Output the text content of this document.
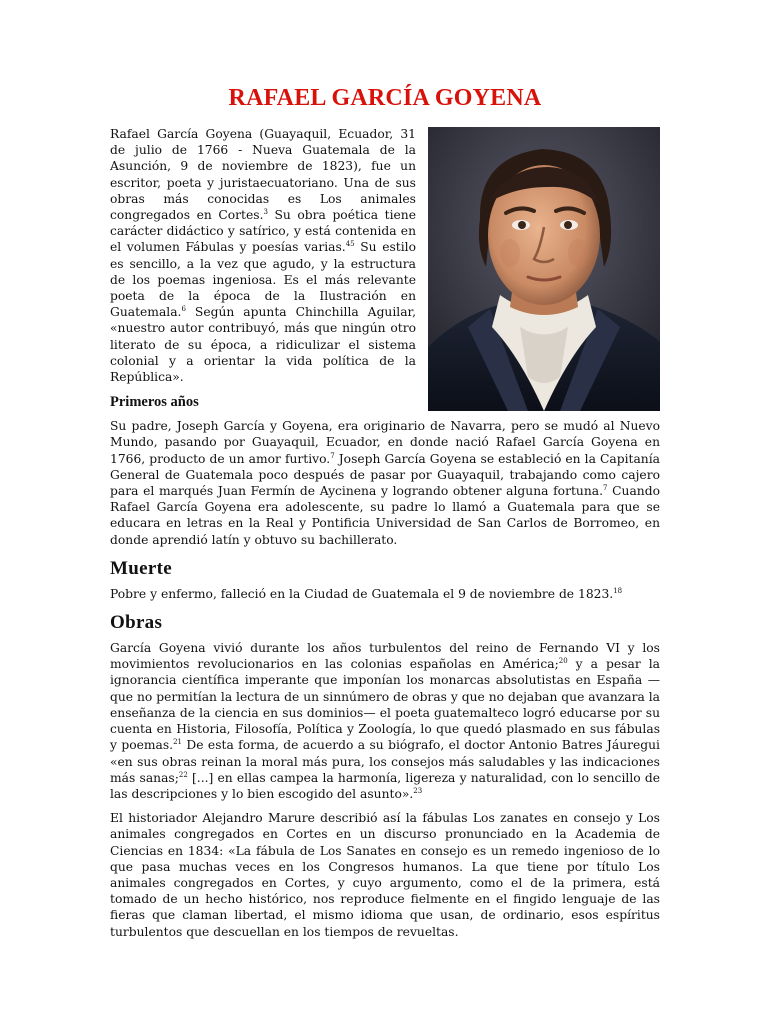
RAFAEL GARCÍA GOYENA

Rafael García Goyena (Guayaquil, Ecuador, 31 de julio de 1766 - Nueva Guatemala de la Asunción, 9 de noviembre de 1823), fue un escritor, poeta y juristaecuatoriano. Una de sus obras más conocidas es Los animales congregados en Cortes.$^3$ Su obra poética tiene carácter didáctico y satírico, y está contenida en el volumen Fábulas y poesías varias.$^{45}$ Su estilo es sencillo, a la vez que agudo, y la estructura de los poemas ingeniosa. Es el más relevante poeta de la época de la Ilustración en Guatemala.$^6$ Según apunta Chinchilla Aguilar, «nuestro autor contribuyó, más que ningún otro literato de su época, a ridiculizar el sistema colonial y a orientar la vida política de la República».

Primeros años

Su padre, Joseph García y Goyena, era originario de Navarra, pero se mudó al Nuevo Mundo, pasando por Guayaquil, Ecuador, en donde nació Rafael García Goyena en 1766, producto de un amor furtivo.$^7$ Joseph García Goyena se estableció en la Capitanía General de Guatemala poco después de pasar por Guayaquil, trabajando como cajero para el marqués Juan Fermín de Aycinena y logrando obtener alguna fortuna.$^7$ Cuando Rafael García Goyena era adolescente, su padre lo llamó a Guatemala para que se educara en letras en la Real y Pontificia Universidad de San Carlos de Borromeo, en donde aprendió latín y obtuvo su bachillerato.

Muerte

Pobre y enfermo, falleció en la Ciudad de Guatemala el 9 de noviembre de 1823.18

Obras

García Goyena vivió durante los años turbulentos del reino de Fernando VI y los movimientos revolucionarios en las colonias españolas en América;$^{20}$ y a pesar la ignorancia científica imperante que imponían los monarcas absolutistas en España —que no permitían la lectura de un sinnúmero de obras y que no dejaban que avanzara la enseñanza de la ciencia en sus dominios— el poeta guatemalteco logró educarse por su cuenta en Historia, Filosofía, Política y Zoología, lo que quedó plasmado en sus fábulas y poemas.$^{21}$ De esta forma, de acuerdo a su biógrafo, el doctor Antonio Batres Jáuregui «en sus obras reinan la moral más pura, los consejos más saludables y las indicaciones más sanas;$^{22}$ [...] en ellas campea la harmonía, ligereza y naturalidad, con lo sencillo de las descripciones y lo bien escogido del asunto».$^{23}$

El historiador Alejandro Marure describió así la fábulas Los zanates en consejo y Los animales congregados en Cortes en un discurso pronunciado en la Academia de Ciencias en 1834: «La fábula de Los Sanates en consejo es un remedo ingenioso de lo que pasa muchas veces en los Congresos humanos. La que tiene por título Los animales congregados en Cortes, y cuyo argumento, como el de la primera, está tomado de un hecho histórico, nos reproduce fielmente en el fingido lenguaje de las fieras que claman libertad, el mismo idioma que usan, de ordinario, esos espíritus turbulentos que descuellan en los tiempos de revueltas.
